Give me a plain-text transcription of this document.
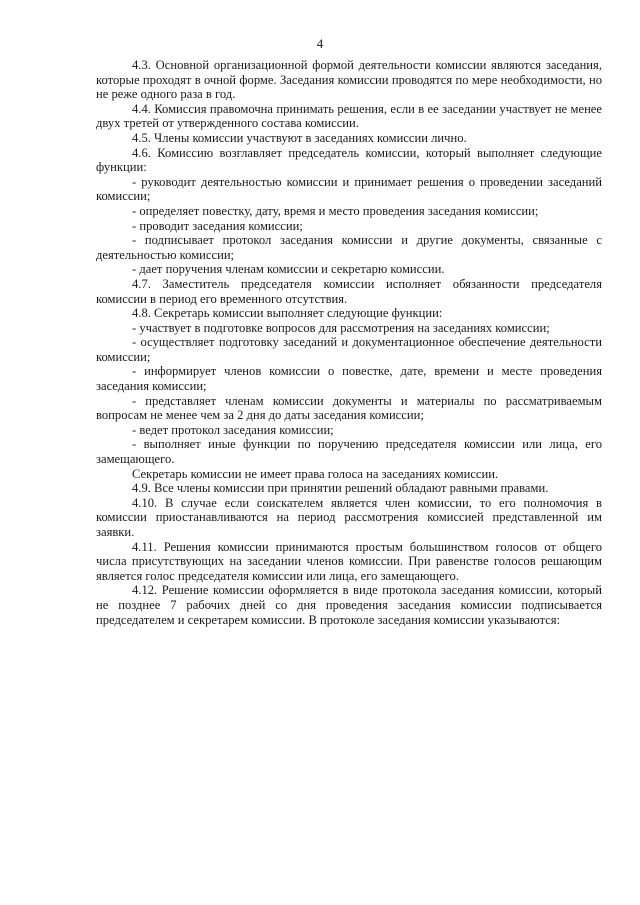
4

4.3. Основной организационной формой деятельности комиссии являются заседания, которые проходят в очной форме. Заседания комиссии проводятся по мере необходимости, но не реже одного раза в год.

4.4. Комиссия правомочна принимать решения, если в ее заседании участвует не менее двух третей от утвержденного состава комиссии.

4.5. Члены комиссии участвуют в заседаниях комиссии лично.

4.6. Комиссию возглавляет председатель комиссии, который выполняет следующие функции:

- руководит деятельностью комиссии и принимает решения о проведении заседаний комиссии;

- определяет повестку, дату, время и место проведения заседания комиссии;

- проводит заседания комиссии;

- подписывает протокол заседания комиссии и другие документы, связанные с деятельностью комиссии;

- дает поручения членам комиссии и секретарю комиссии.

4.7. Заместитель председателя комиссии исполняет обязанности председателя комиссии в период его временного отсутствия.

4.8. Секретарь комиссии выполняет следующие функции:

- участвует в подготовке вопросов для рассмотрения на заседаниях комиссии;

- осуществляет подготовку заседаний и документационное обеспечение деятельности комиссии;

- информирует членов комиссии о повестке, дате, времени и месте проведения заседания комиссии;

- представляет членам комиссии документы и материалы по рассматриваемым вопросам не менее чем за 2 дня до даты заседания комиссии;

- ведет протокол заседания комиссии;

- выполняет иные функции по поручению председателя комиссии или лица, его замещающего.

Секретарь комиссии не имеет права голоса на заседаниях комиссии.

4.9. Все члены комиссии при принятии решений обладают равными правами.

4.10. В случае если соискателем является член комиссии, то его полномочия в комиссии приостанавливаются на период рассмотрения комиссией представленной им заявки.

4.11. Решения комиссии принимаются простым большинством голосов от общего числа присутствующих на заседании членов комиссии. При равенстве голосов решающим является голос председателя комиссии или лица, его замещающего.

4.12. Решение комиссии оформляется в виде протокола заседания комиссии, который не позднее 7 рабочих дней со дня проведения заседания комиссии подписывается председателем и секретарем комиссии. В протоколе заседания комиссии указываются:
